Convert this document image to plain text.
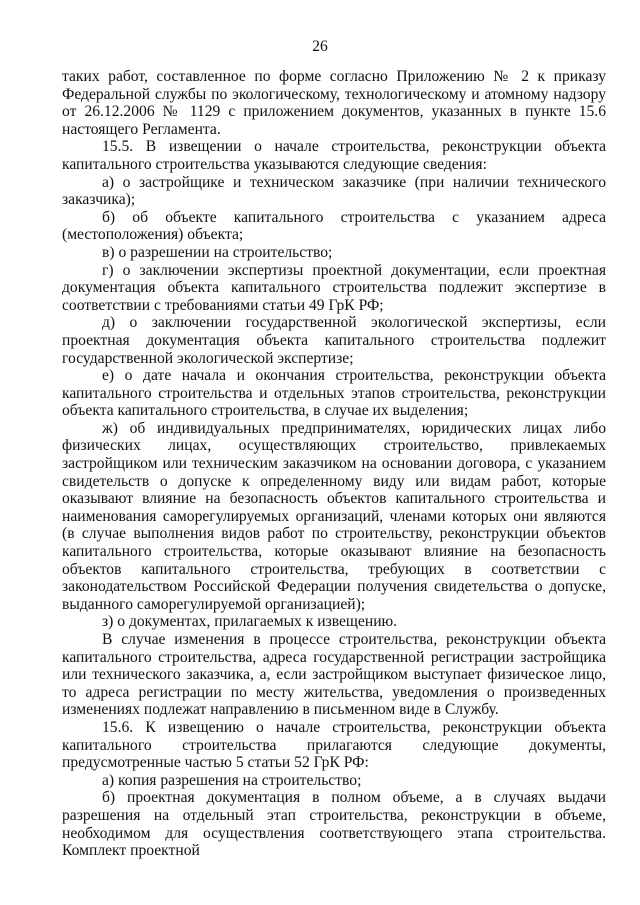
26

таких работ, составленное по форме согласно Приложению № 2 к приказу Федеральной службы по экологическому, технологическому и атомному надзору от 26.12.2006 № 1129 с приложением документов, указанных в пункте 15.6 настоящего Регламента.

15.5. В извещении о начале строительства, реконструкции объекта капитального строительства указываются следующие сведения:

а) о застройщике и техническом заказчике (при наличии технического заказчика);

б) об объекте капитального строительства с указанием адреса (местоположения) объекта;

в) о разрешении на строительство;

г) о заключении экспертизы проектной документации, если проектная документация объекта капитального строительства подлежит экспертизе в соответствии с требованиями статьи 49 ГрК РФ;

д) о заключении государственной экологической экспертизы, если проектная документация объекта капитального строительства подлежит государственной экологической экспертизе;

е) о дате начала и окончания строительства, реконструкции объекта капитального строительства и отдельных этапов строительства, реконструкции объекта капитального строительства, в случае их выделения;

ж) об индивидуальных предпринимателях, юридических лицах либо физических лицах, осуществляющих строительство, привлекаемых застройщиком или техническим заказчиком на основании договора, с указанием свидетельств о допуске к определенному виду или видам работ, которые оказывают влияние на безопасность объектов капитального строительства и наименования саморегулируемых организаций, членами которых они являются (в случае выполнения видов работ по строительству, реконструкции объектов капитального строительства, которые оказывают влияние на безопасность объектов капитального строительства, требующих в соответствии с законодательством Российской Федерации получения свидетельства о допуске, выданного саморегулируемой организацией);

з) о документах, прилагаемых к извещению.

В случае изменения в процессе строительства, реконструкции объекта капитального строительства, адреса государственной регистрации застройщика или технического заказчика, а, если застройщиком выступает физическое лицо, то адреса регистрации по месту жительства, уведомления о произведенных изменениях подлежат направлению в письменном виде в Службу.

15.6. К извещению о начале строительства, реконструкции объекта капитального строительства прилагаются следующие документы, предусмотренные частью 5 статьи 52 ГрК РФ:

а) копия разрешения на строительство;

б) проектная документация в полном объеме, а в случаях выдачи разрешения на отдельный этап строительства, реконструкции в объеме, необходимом для осуществления соответствующего этапа строительства. Комплект проектной
